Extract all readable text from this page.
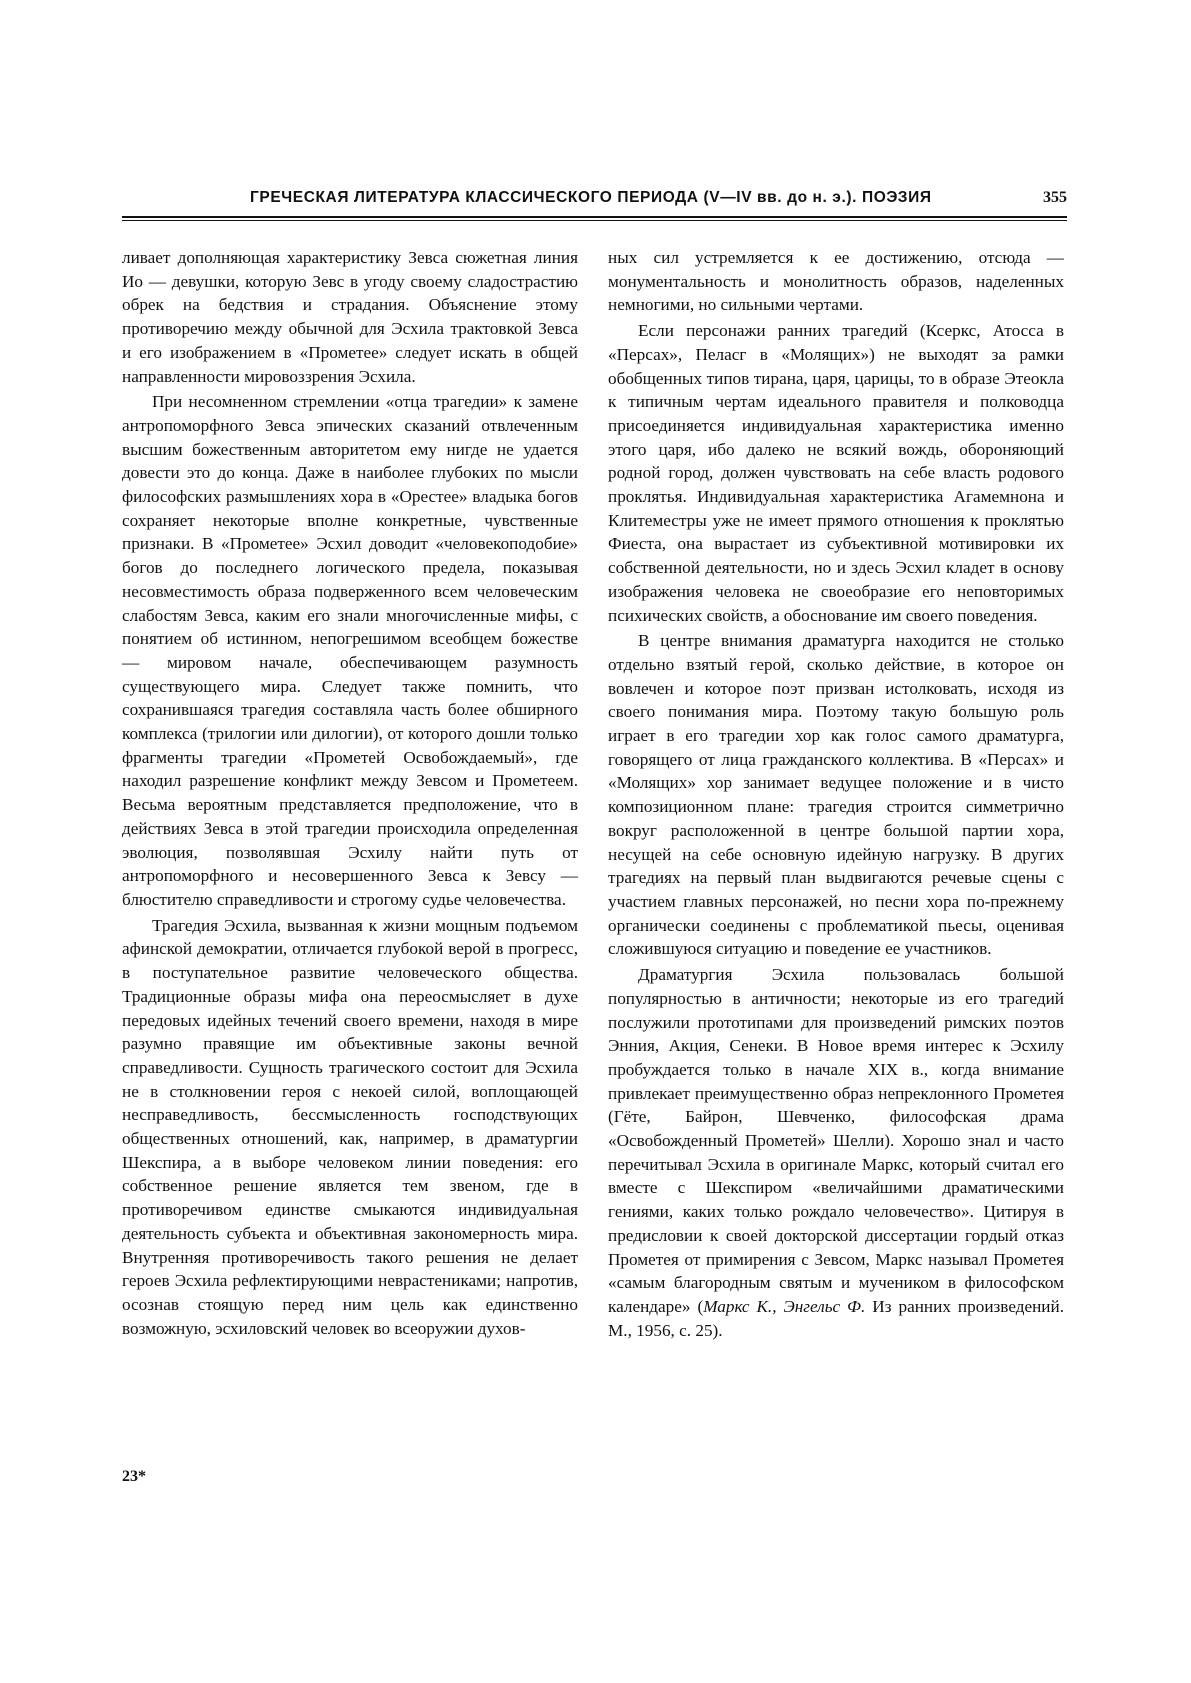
ГРЕЧЕСКАЯ ЛИТЕРАТУРА КЛАССИЧЕСКОГО ПЕРИОДА (V—IV вв. до н. э.). ПОЭЗИЯ	355

ливает дополняющая характеристику Зевса сюжетная линия Ио — девушки, которую Зевс в угоду своему сладострастию обрек на бедствия и страдания. Объяснение этому противоречию между обычной для Эсхила трактовкой Зевса и его изображением в «Прометее» следует искать в общей направленности мировоззрения Эсхила.

При несомненном стремлении «отца трагедии» к замене антропоморфного Зевса эпических сказаний отвлеченным высшим божественным авторитетом ему нигде не удается довести это до конца. Даже в наиболее глубоких по мысли философских размышлениях хора в «Орестее» владыка богов сохраняет некоторые вполне конкретные, чувственные признаки. В «Прометее» Эсхил доводит «человекоподобие» богов до последнего логического предела, показывая несовместимость образа подверженного всем человеческим слабостям Зевса, каким его знали многочисленные мифы, с понятием об истинном, непогрешимом всеобщем божестве — мировом начале, обеспечивающем разумность существующего мира. Следует также помнить, что сохранившаяся трагедия составляла часть более обширного комплекса (трилогии или дилогии), от которого дошли только фрагменты трагедии «Прометей Освобождаемый», где находил разрешение конфликт между Зевсом и Прометеем. Весьма вероятным представляется предположение, что в действиях Зевса в этой трагедии происходила определенная эволюция, позволявшая Эсхилу найти путь от антропоморфного и несовершенного Зевса к Зевсу — блюстителю справедливости и строгому судье человечества.

Трагедия Эсхила, вызванная к жизни мощным подъемом афинской демократии, отличается глубокой верой в прогресс, в поступательное развитие человеческого общества. Традиционные образы мифа она переосмысляет в духе передовых идейных течений своего времени, находя в мире разумно правящие им объективные законы вечной справедливости. Сущность трагического состоит для Эсхила не в столкновении героя с некоей силой, воплощающей несправедливость, бессмысленность господствующих общественных отношений, как, например, в драматургии Шекспира, а в выборе человеком линии поведения: его собственное решение является тем звеном, где в противоречивом единстве смыкаются индивидуальная деятельность субъекта и объективная закономерность мира. Внутренняя противоречивость такого решения не делает героев Эсхила рефлектирующими неврастениками; напротив, осознав стоящую перед ним цель как единственно возможную, эсхиловский человек во всеоружии духов-

ных сил устремляется к ее достижению, отсюда — монументальность и монолитность образов, наделенных немногими, но сильными чертами.

Если персонажи ранних трагедий (Ксеркс, Атосса в «Персах», Пеласг в «Молящих») не выходят за рамки обобщенных типов тирана, царя, царицы, то в образе Этеокла к типичным чертам идеального правителя и полководца присоединяется индивидуальная характеристика именно этого царя, ибо далеко не всякий вождь, обороняющий родной город, должен чувствовать на себе власть родового проклятья. Индивидуальная характеристика Агамемнона и Клитеместры уже не имеет прямого отношения к проклятью Фиеста, она вырастает из субъективной мотивировки их собственной деятельности, но и здесь Эсхил кладет в основу изображения человека не своеобразие его неповторимых психических свойств, а обоснование им своего поведения.

В центре внимания драматурга находится не столько отдельно взятый герой, сколько действие, в которое он вовлечен и которое поэт призван истолковать, исходя из своего понимания мира. Поэтому такую большую роль играет в его трагедии хор как голос самого драматурга, говорящего от лица гражданского коллектива. В «Персах» и «Молящих» хор занимает ведущее положение и в чисто композиционном плане: трагедия строится симметрично вокруг расположенной в центре большой партии хора, несущей на себе основную идейную нагрузку. В других трагедиях на первый план выдвигаются речевые сцены с участием главных персонажей, но песни хора по-прежнему органически соединены с проблематикой пьесы, оценивая сложившуюся ситуацию и поведение ее участников.

Драматургия Эсхила пользовалась большой популярностью в античности; некоторые из его трагедий послужили прототипами для произведений римских поэтов Энния, Акция, Сенеки. В Новое время интерес к Эсхилу пробуждается только в начале XIX в., когда внимание привлекает преимущественно образ непреклонного Прометея (Гёте, Байрон, Шевченко, философская драма «Освобожденный Прометей» Шелли). Хорошо знал и часто перечитывал Эсхила в оригинале Маркс, который считал его вместе с Шекспиром «величайшими драматическими гениями, каких только рождало человечество». Цитируя в предисловии к своей докторской диссертации гордый отказ Прометея от примирения с Зевсом, Маркс называл Прометея «самым благородным святым и мучеником в философском календаре» (Маркс К., Энгельс Ф. Из ранних произведений. М., 1956, с. 25).

23*
